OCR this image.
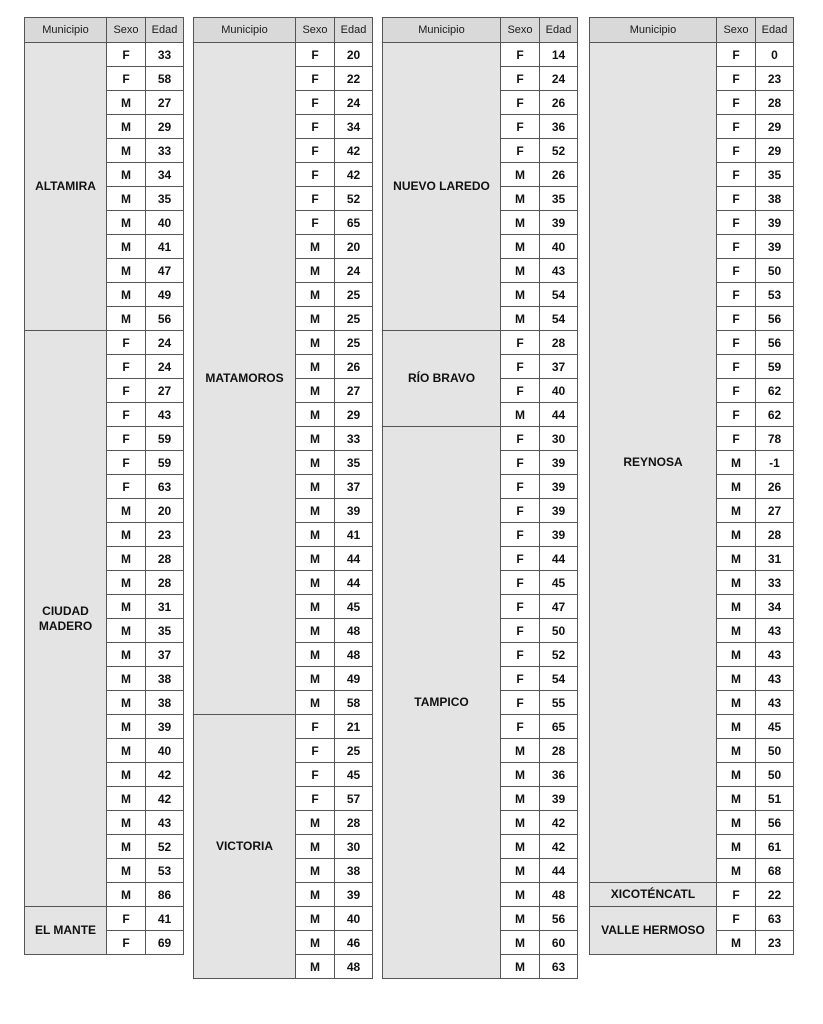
Municipio	Sexo	Edad
ALTAMIRA	F	33
	F	58
	M	27
	M	29
	M	33
	M	34
	M	35
	M	40
	M	41
	M	47
	M	49
	M	56
CIUDAD MADERO	F	24
	F	24
	F	27
	F	43
	F	59
	F	59
	F	63
	M	20
	M	23
	M	28
	M	28
	M	31
	M	35
	M	37
	M	38
	M	38
	M	39
	M	40
	M	42
	M	42
	M	43
	M	52
	M	53
	M	86
EL MANTE	F	41
	F	69
Municipio	Sexo	Edad
MATAMOROS	F	20
	F	22
	F	24
	F	34
	F	42
	F	42
	F	52
	F	65
	M	20
	M	24
	M	25
	M	25
	M	25
	M	26
	M	27
	M	29
	M	33
	M	35
	M	37
	M	39
	M	41
	M	44
	M	44
	M	45
	M	48
	M	48
	M	49
	M	58
VICTORIA	F	21
	F	25
	F	45
	F	57
	M	28
	M	30
	M	38
	M	39
	M	40
	M	46
	M	48
Municipio	Sexo	Edad
NUEVO LAREDO	F	14
	F	24
	F	26
	F	36
	F	52
	M	26
	M	35
	M	39
	M	40
	M	43
	M	54
	M	54
RÍO BRAVO	F	28
	F	37
	F	40
	M	44
TAMPICO	F	30
	F	39
	F	39
	F	39
	F	39
	F	44
	F	45
	F	47
	F	50
	F	52
	F	54
	F	55
	F	65
	M	28
	M	36
	M	39
	M	42
	M	42
	M	44
	M	48
	M	56
	M	60
	M	63
Municipio	Sexo	Edad
REYNOSA	F	0
	F	23
	F	28
	F	29
	F	29
	F	35
	F	38
	F	39
	F	39
	F	50
	F	53
	F	56
	F	56
	F	59
	F	62
	F	62
	F	78
	M	-1
	M	26
	M	27
	M	28
	M	31
	M	33
	M	34
	M	43
	M	43
	M	43
	M	43
	M	45
	M	50
	M	50
	M	51
	M	56
	M	61
	M	68
XICOTÉNCATL	F	22
VALLE HERMOSO	F	63
	M	23
